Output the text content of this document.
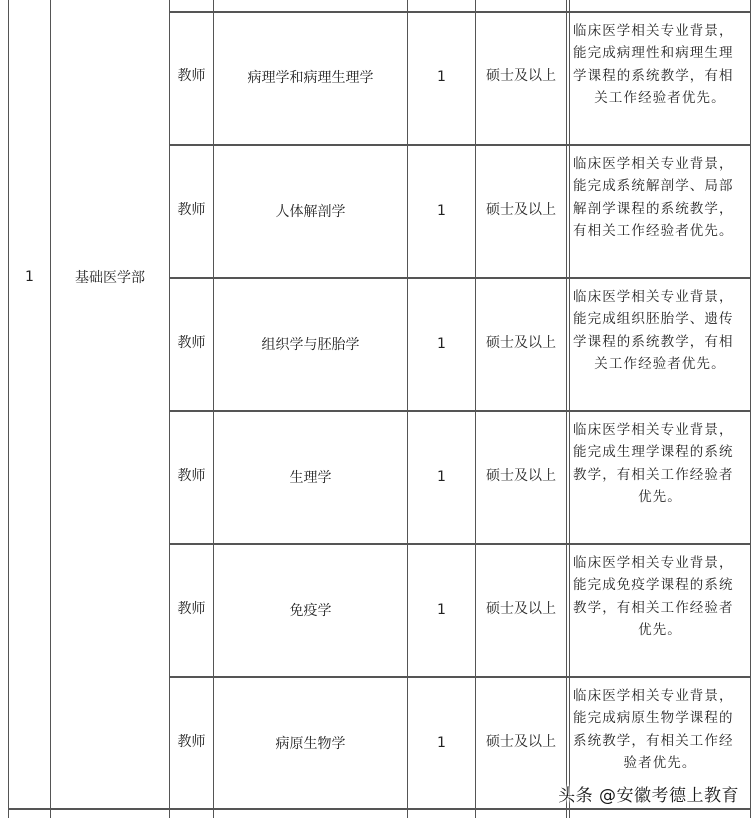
1	基础医学部
教师	病理学和病理生理学	1	硕士及以上
临床医学相关专业背景，
能完成病理性和病理生理
学课程的系统教学，有相
关工作经验者优先。
教师	人体解剖学	1	硕士及以上
临床医学相关专业背景，
能完成系统解剖学、局部
解剖学课程的系统教学，
有相关工作经验者优先。
教师	组织学与胚胎学	1	硕士及以上
临床医学相关专业背景，
能完成组织胚胎学、遗传
学课程的系统教学，有相
关工作经验者优先。
教师	生理学	1	硕士及以上
临床医学相关专业背景，
能完成生理学课程的系统
教学，有相关工作经验者
优先。
教师	免疫学	1	硕士及以上
临床医学相关专业背景，
能完成免疫学课程的系统
教学，有相关工作经验者
优先。
教师	病原生物学	1	硕士及以上
临床医学相关专业背景，
能完成病原生物学课程的
系统教学，有相关工作经
验者优先。
头条 @安徽考德上教育
